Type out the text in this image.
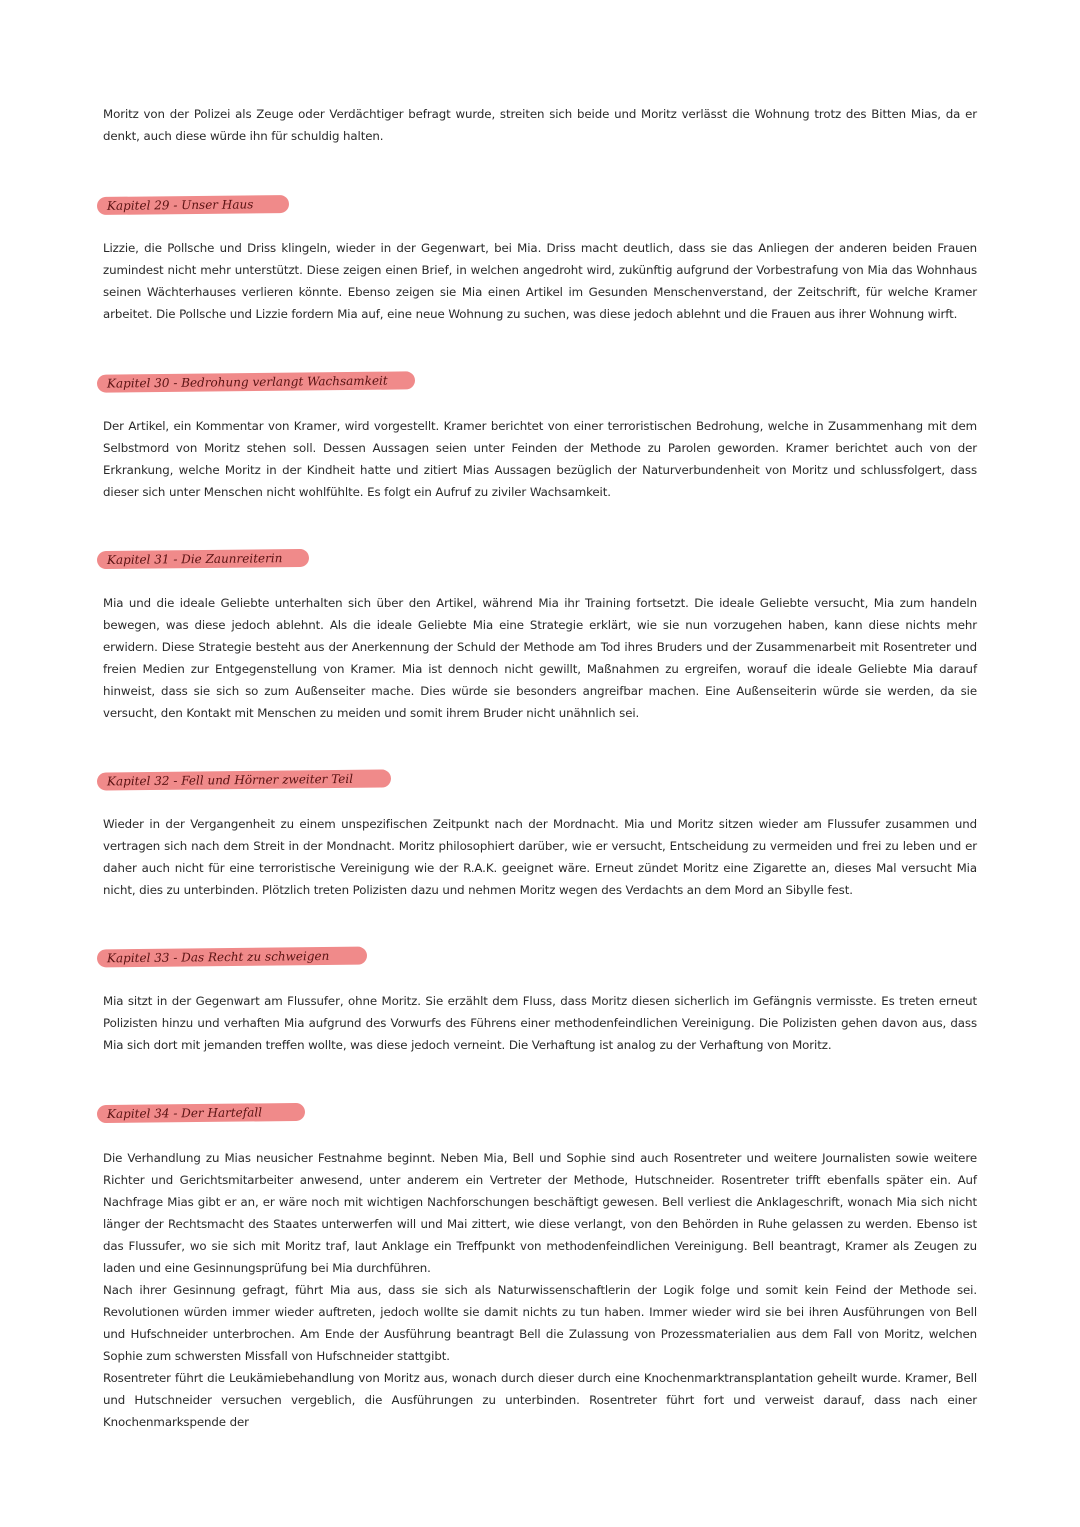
Moritz von der Polizei als Zeuge oder Verdächtiger befragt wurde, streiten sich beide und Moritz verlässt die Wohnung trotz des Bitten Mias, da er denkt, auch diese würde ihn für schuldig halten.

Kapitel 29 - Unser Haus

Lizzie, die Pollsche und Driss klingeln, wieder in der Gegenwart, bei Mia. Driss macht deutlich, dass sie das Anliegen der anderen beiden Frauen zumindest nicht mehr unterstützt. Diese zeigen einen Brief, in welchen angedroht wird, zukünftig aufgrund der Vorbestrafung von Mia das Wohnhaus seinen Wächterhauses verlieren könnte. Ebenso zeigen sie Mia einen Artikel im Gesunden Menschenverstand, der Zeitschrift, für welche Kramer arbeitet. Die Pollsche und Lizzie fordern Mia auf, eine neue Wohnung zu suchen, was diese jedoch ablehnt und die Frauen aus ihrer Wohnung wirft.

Kapitel 30 - Bedrohung verlangt Wachsamkeit

Der Artikel, ein Kommentar von Kramer, wird vorgestellt. Kramer berichtet von einer terroristischen Bedrohung, welche in Zusammenhang mit dem Selbstmord von Moritz stehen soll. Dessen Aussagen seien unter Feinden der Methode zu Parolen geworden. Kramer berichtet auch von der Erkrankung, welche Moritz in der Kindheit hatte und zitiert Mias Aussagen bezüglich der Naturverbundenheit von Moritz und schlussfolgert, dass dieser sich unter Menschen nicht wohlfühlte. Es folgt ein Aufruf zu ziviler Wachsamkeit.

Kapitel 31 - Die Zaunreiterin

Mia und die ideale Geliebte unterhalten sich über den Artikel, während Mia ihr Training fortsetzt. Die ideale Geliebte versucht, Mia zum handeln bewegen, was diese jedoch ablehnt. Als die ideale Geliebte Mia eine Strategie erklärt, wie sie nun vorzugehen haben, kann diese nichts mehr erwidern. Diese Strategie besteht aus der Anerkennung der Schuld der Methode am Tod ihres Bruders und der Zusammenarbeit mit Rosentreter und freien Medien zur Entgegenstellung von Kramer. Mia ist dennoch nicht gewillt, Maßnahmen zu ergreifen, worauf die ideale Geliebte Mia darauf hinweist, dass sie sich so zum Außenseiter mache. Dies würde sie besonders angreifbar machen. Eine Außenseiterin würde sie werden, da sie versucht, den Kontakt mit Menschen zu meiden und somit ihrem Bruder nicht unähnlich sei.

Kapitel 32 - Fell und Hörner zweiter Teil

Wieder in der Vergangenheit zu einem unspezifischen Zeitpunkt nach der Mordnacht. Mia und Moritz sitzen wieder am Flussufer zusammen und vertragen sich nach dem Streit in der Mondnacht. Moritz philosophiert darüber, wie er versucht, Entscheidung zu vermeiden und frei zu leben und er daher auch nicht für eine terroristische Vereinigung wie der R.A.K. geeignet wäre. Erneut zündet Moritz eine Zigarette an, dieses Mal versucht Mia nicht, dies zu unterbinden. Plötzlich treten Polizisten dazu und nehmen Moritz wegen des Verdachts an dem Mord an Sibylle fest.

Kapitel 33 - Das Recht zu schweigen

Mia sitzt in der Gegenwart am Flussufer, ohne Moritz. Sie erzählt dem Fluss, dass Moritz diesen sicherlich im Gefängnis vermisste. Es treten erneut Polizisten hinzu und verhaften Mia aufgrund des Vorwurfs des Führens einer methodenfeindlichen Vereinigung. Die Polizisten gehen davon aus, dass Mia sich dort mit jemanden treffen wollte, was diese jedoch verneint. Die Verhaftung ist analog zu der Verhaftung von Moritz.

Kapitel 34 - Der Hartefall

Die Verhandlung zu Mias neusicher Festnahme beginnt. Neben Mia, Bell und Sophie sind auch Rosentreter und weitere Journalisten sowie weitere Richter und Gerichtsmitarbeiter anwesend, unter anderem ein Vertreter der Methode, Hutschneider. Rosentreter trifft ebenfalls später ein. Auf Nachfrage Mias gibt er an, er wäre noch mit wichtigen Nachforschungen beschäftigt gewesen. Bell verliest die Anklageschrift, wonach Mia sich nicht länger der Rechtsmacht des Staates unterwerfen will und Mai zittert, wie diese verlangt, von den Behörden in Ruhe gelassen zu werden. Ebenso ist das Flussufer, wo sie sich mit Moritz traf, laut Anklage ein Treffpunkt von methodenfeindlichen Vereinigung. Bell beantragt, Kramer als Zeugen zu laden und eine Gesinnungsprüfung bei Mia durchführen.

Nach ihrer Gesinnung gefragt, führt Mia aus, dass sie sich als Naturwissenschaftlerin der Logik folge und somit kein Feind der Methode sei. Revolutionen würden immer wieder auftreten, jedoch wollte sie damit nichts zu tun haben. Immer wieder wird sie bei ihren Ausführungen von Bell und Hufschneider unterbrochen. Am Ende der Ausführung beantragt Bell die Zulassung von Prozessmaterialien aus dem Fall von Moritz, welchen Sophie zum schwersten Missfall von Hufschneider stattgibt.

Rosentreter führt die Leukämiebehandlung von Moritz aus, wonach durch dieser durch eine Knochenmarktransplantation geheilt wurde. Kramer, Bell und Hutschneider versuchen vergeblich, die Ausführungen zu unterbinden. Rosentreter führt fort und verweist darauf, dass nach einer Knochenmarkspende der
